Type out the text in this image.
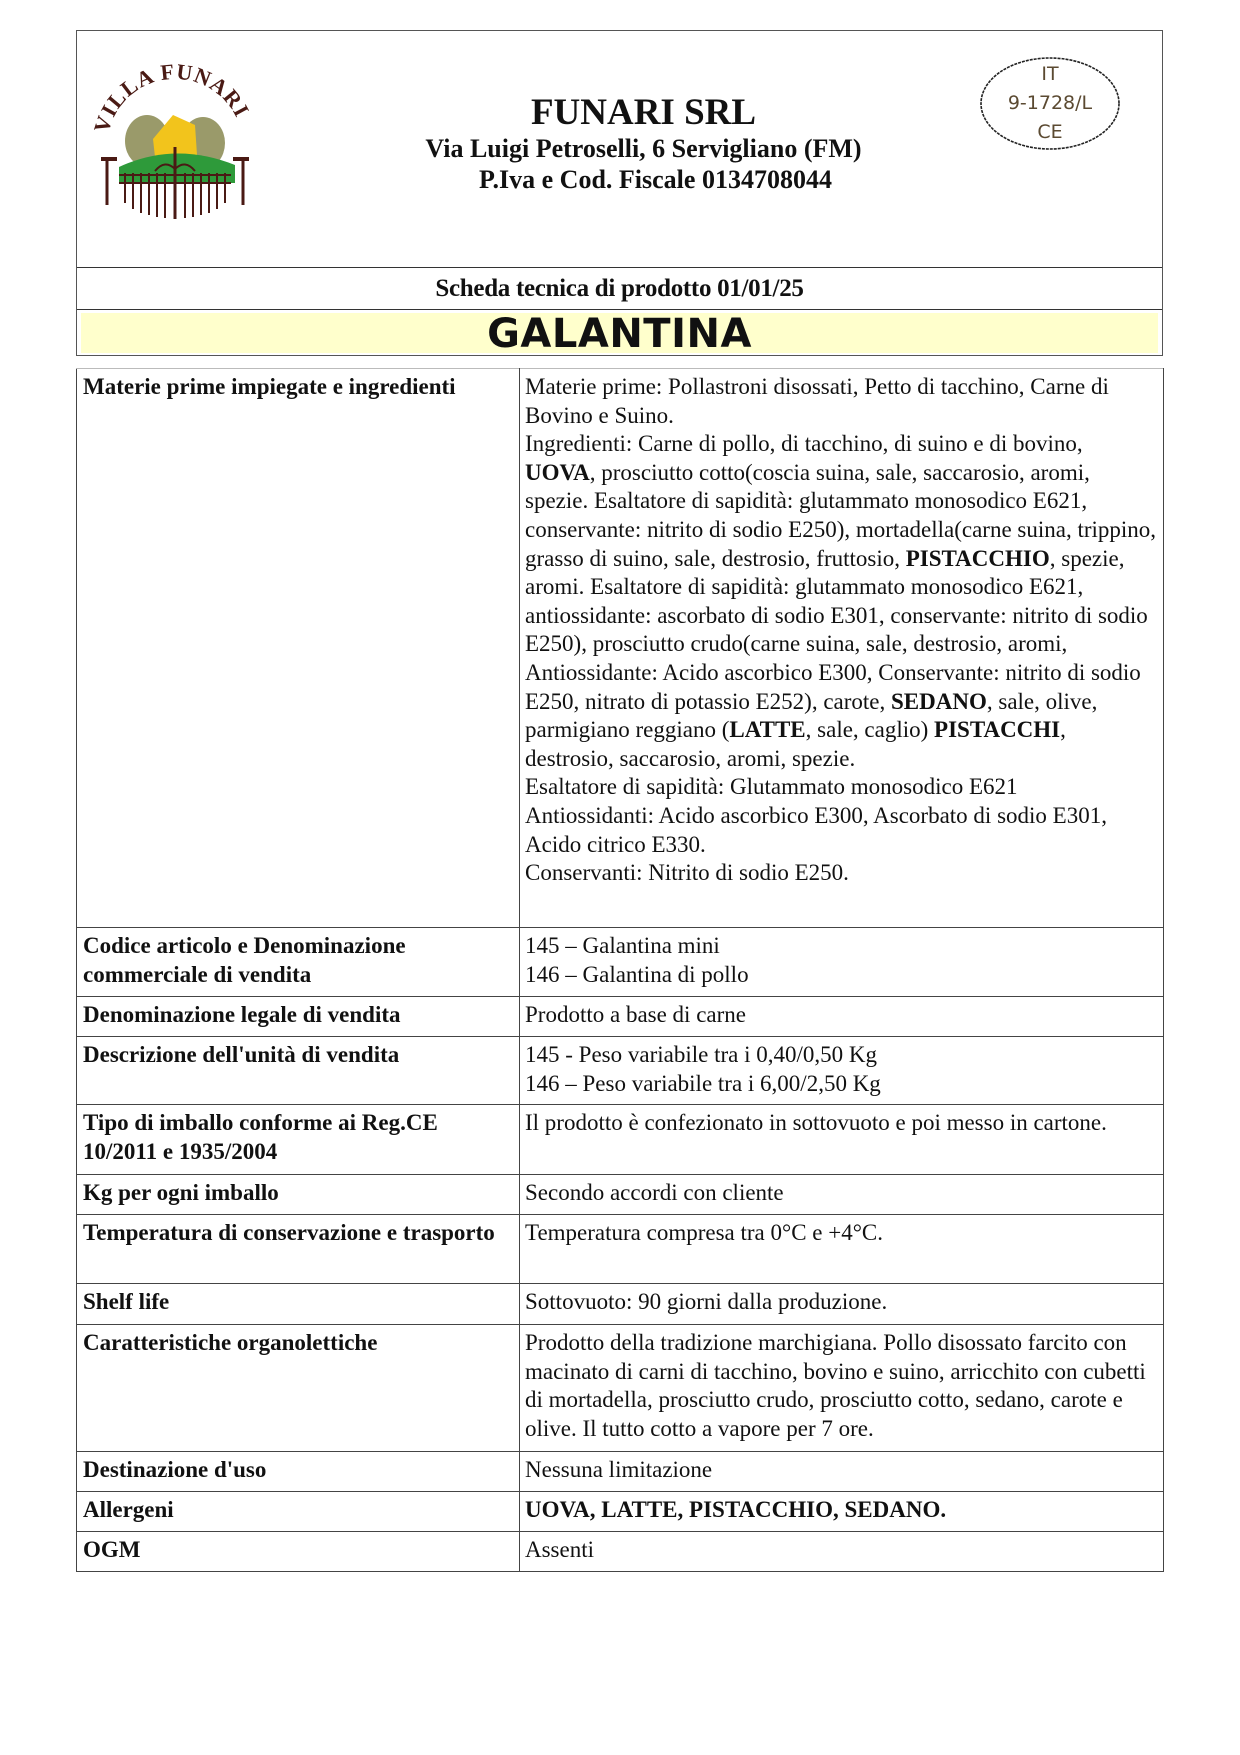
VILLA FUNARI	FUNARI SRL
Via Luigi Petroselli, 6 Servigliano (FM)
P.Iva e Cod. Fiscale 0134708044
IT
9-1728/L
CE
Scheda tecnica di prodotto 01/01/25
GALANTINA
Materie prime impiegate e ingredienti	Materie prime: Pollastroni disossati, Petto di tacchino, Carne di Bovino e Suino.
Ingredienti: Carne di pollo, di tacchino, di suino e di bovino, UOVA, prosciutto cotto(coscia suina, sale, saccarosio, aromi, spezie. Esaltatore di sapidità: glutammato monosodico E621, conservante: nitrito di sodio E250), mortadella(carne suina, trippino, grasso di suino, sale, destrosio, fruttosio, PISTACCHIO, spezie, aromi. Esaltatore di sapidità: glutammato monosodico E621, antiossidante: ascorbato di sodio E301, conservante: nitrito di sodio E250), prosciutto crudo(carne suina, sale, destrosio, aromi, Antiossidante: Acido ascorbico E300, Conservante: nitrito di sodio E250, nitrato di potassio E252), carote, SEDANO, sale, olive, parmigiano reggiano (LATTE, sale, caglio) PISTACCHI, destrosio, saccarosio, aromi, spezie.
Esaltatore di sapidità: Glutammato monosodico E621
Antiossidanti: Acido ascorbico E300, Ascorbato di sodio E301, Acido citrico E330.
Conservanti: Nitrito di sodio E250.
Codice articolo e Denominazione commerciale di vendita	145 – Galantina mini
146 – Galantina di pollo

Denominazione legale di vendita	Prodotto a base di carne

Descrizione dell'unità di vendita	145 - Peso variabile tra i 0,40/0,50 Kg
146 – Peso variabile tra i 6,00/2,50 Kg

Tipo di imballo conforme ai Reg.CE 10/2011 e 1935/2004	Il prodotto è confezionato in sottovuoto e poi messo in cartone.

Kg per ogni imballo	Secondo accordi con cliente

Temperatura di conservazione e trasporto	Temperatura compresa tra 0°C e +4°C.

Shelf life	Sottovuoto: 90 giorni dalla produzione.

Caratteristiche organolettiche	Prodotto della tradizione marchigiana. Pollo disossato farcito con macinato di carni di tacchino, bovino e suino, arricchito con cubetti di mortadella, prosciutto crudo, prosciutto cotto, sedano, carote e olive. Il tutto cotto a vapore per 7 ore.

Destinazione d'uso	Nessuna limitazione

Allergeni	UOVA, LATTE, PISTACCHIO, SEDANO.

OGM	Assenti
